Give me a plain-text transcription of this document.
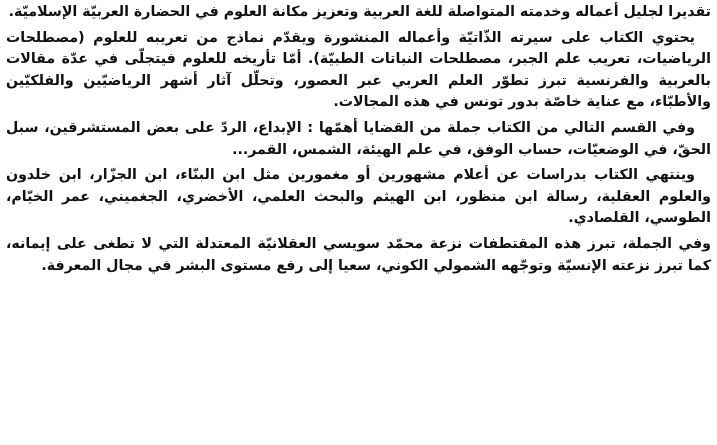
تقديرا لجليل أعماله وخدمته المتواصلة للغة العربية وتعزيز مكانة العلوم في الحضارة العربيّة الإسلاميّة.

يحتوي الكتاب على سيرته الذّاتيّة وأعماله المنشورة ويقدّم نماذج من تعريبه للعلوم (مصطلحات الرياضيات، تعريب علم الجبر، مصطلحات النباتات الطبيّة). أمّا تأريخه للعلوم فيتجلّى في عدّة مقالات بالعربية والفرنسية تبرز تطوّر العلم العربي عبر العصور، وتحلّل آثار أشهر الرياضيّين والفلكيّين والأطبّاء، مع عناية خاصّة بدور تونس في هذه المجالات.

وفي القسم التالي من الكتاب جملة من القضايا أهمّها : الإبداع، الردّ على بعض المستشرقين، سبل الحقّ، في الوضعيّات، حساب الوفق، في علم الهيئة، الشمس، القمر...

وينتهي الكتاب بدراسات عن أعلام مشهورين أو مغمورين مثل ابن البنّاء، ابن الجزّار، ابن خلدون والعلوم العقلية، رسالة ابن منظور، ابن الهيثم والبحث العلمي، الأخضري، الجغميني، عمر الخيّام، الطوسي، القلصادي.

وفي الجملة، تبرز هذه المقتطفات نزعة محمّد سويسي العقلانيّة المعتدلة التي لا تطغى على إيمانه، كما تبرز نزعته الإنسيّة وتوجّهه الشمولي الكوني، سعيا إلى رفع مستوى البشر في مجال المعرفة.
